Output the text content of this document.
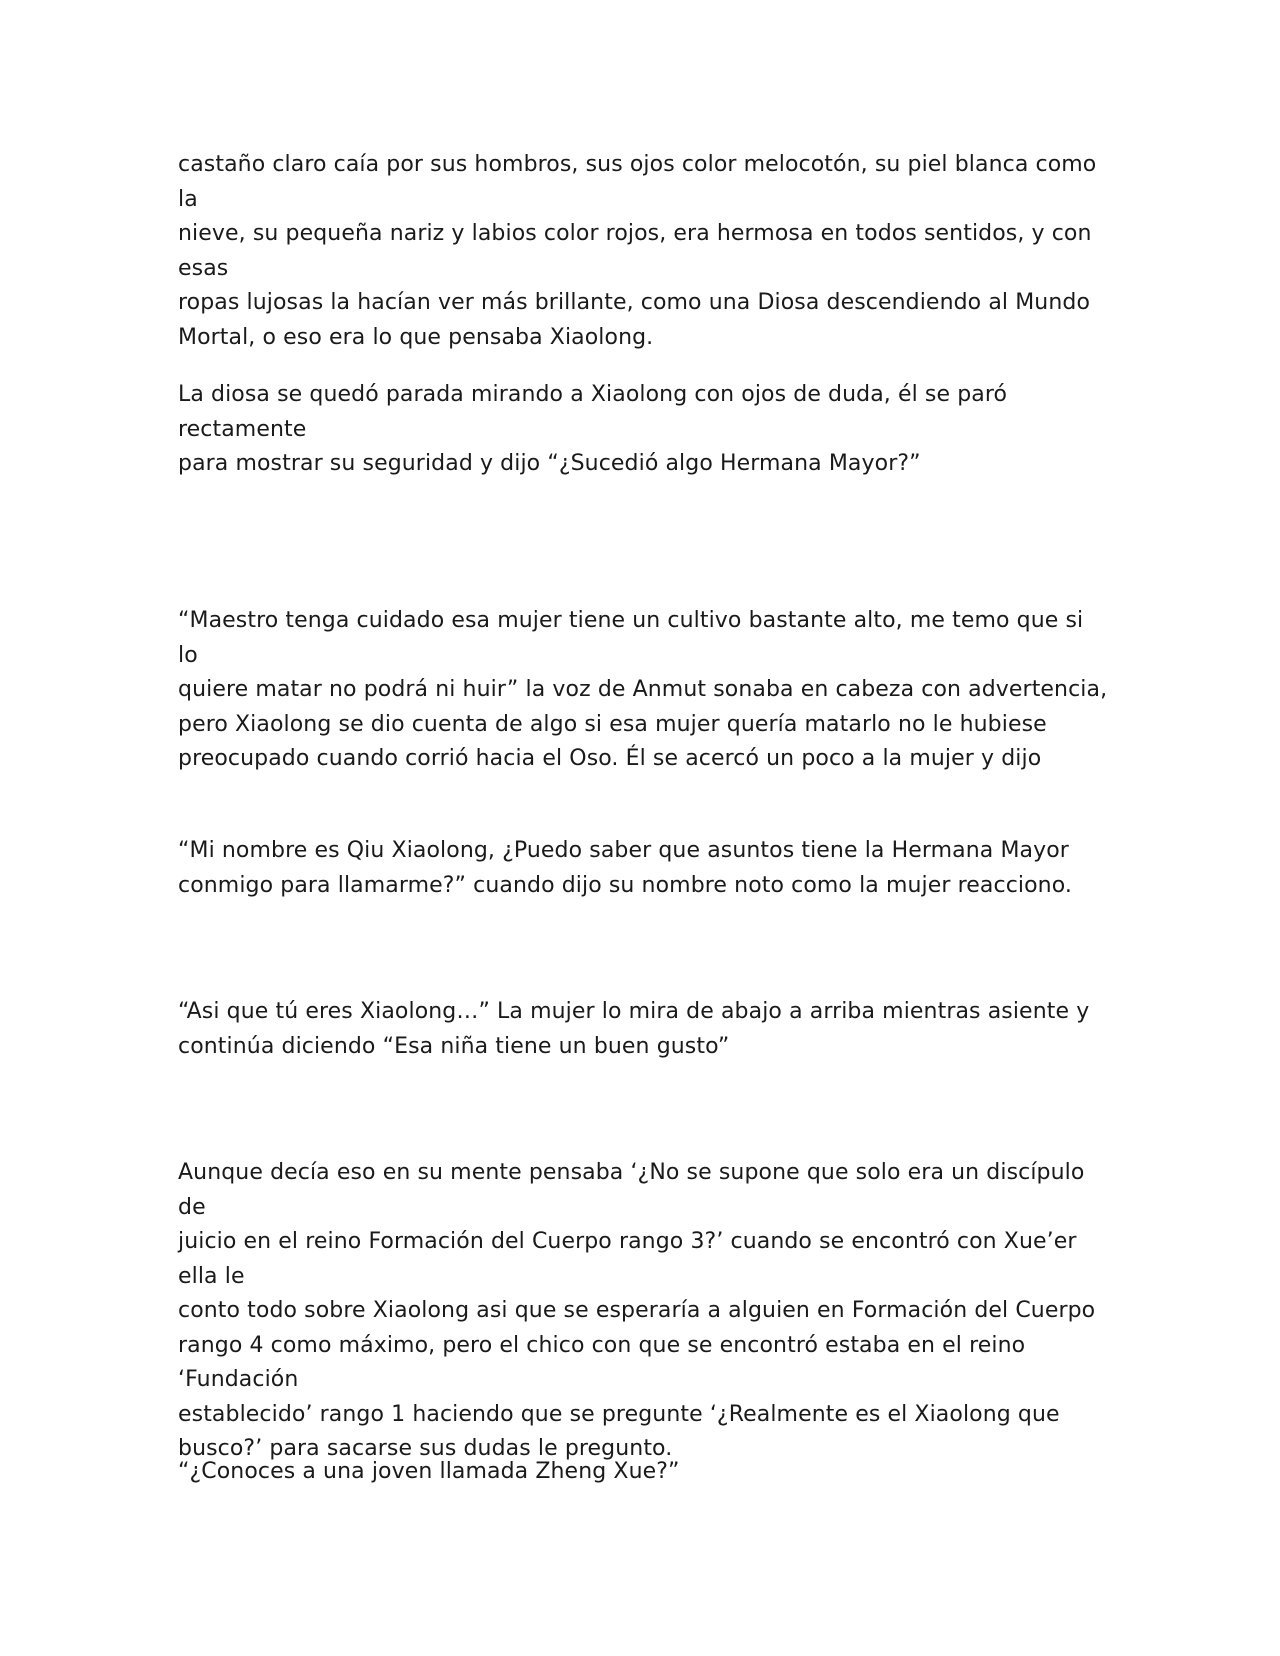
castaño claro caía por sus hombros, sus ojos color melocotón, su piel blanca como la
nieve, su pequeña nariz y labios color rojos, era hermosa en todos sentidos, y con esas
ropas lujosas la hacían ver más brillante, como una Diosa descendiendo al Mundo
Mortal, o eso era lo que pensaba Xiaolong.

La diosa se quedó parada mirando a Xiaolong con ojos de duda, él se paró rectamente
para mostrar su seguridad y dijo “¿Sucedió algo Hermana Mayor?”

“Maestro tenga cuidado esa mujer tiene un cultivo bastante alto, me temo que si lo
quiere matar no podrá ni huir” la voz de Anmut sonaba en cabeza con advertencia,
pero Xiaolong se dio cuenta de algo si esa mujer quería matarlo no le hubiese
preocupado cuando corrió hacia el Oso. Él se acercó un poco a la mujer y dijo

“Mi nombre es Qiu Xiaolong, ¿Puedo saber que asuntos tiene la Hermana Mayor
conmigo para llamarme?” cuando dijo su nombre noto como la mujer reacciono.

“Asi que tú eres Xiaolong…” La mujer lo mira de abajo a arriba mientras asiente y
continúa diciendo “Esa niña tiene un buen gusto”

Aunque decía eso en su mente pensaba ‘¿No se supone que solo era un discípulo de
juicio en el reino Formación del Cuerpo rango 3?’ cuando se encontró con Xue’er ella le
conto todo sobre Xiaolong asi que se esperaría a alguien en Formación del Cuerpo
rango 4 como máximo, pero el chico con que se encontró estaba en el reino ‘Fundación
establecido’ rango 1 haciendo que se pregunte ‘¿Realmente es el Xiaolong que
busco?’ para sacarse sus dudas le pregunto.

“¿Conoces a una joven llamada Zheng Xue?”
